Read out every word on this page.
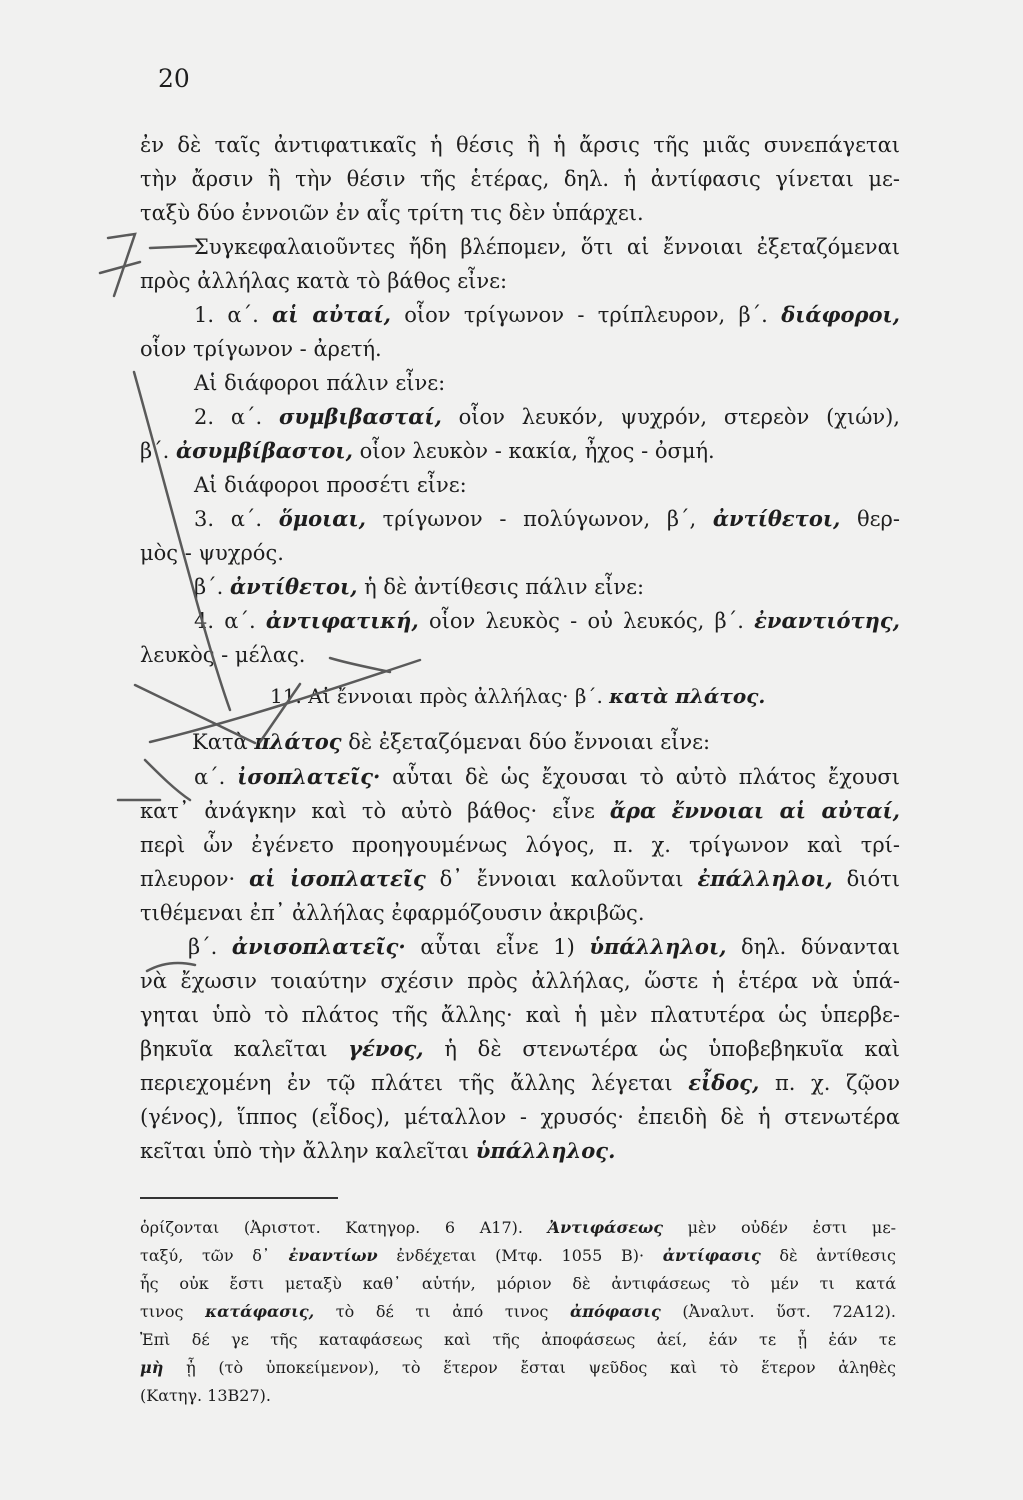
20
ἐν δὲ ταῖς ἀντιφατικαῖς ἡ θέσις ἢ ἡ ἄρσις τῆς μιᾶς συνεπάγεται
τὴν ἄρσιν ἢ τὴν θέσιν τῆς ἑτέρας, δηλ. ἡ ἀντίφασις γίνεται με-
ταξὺ δύο ἐννοιῶν ἐν αἷς τρίτη τις δὲν ὑπάρχει.
Συγκεφαλαιοῦντες ἤδη βλέπομεν, ὅτι αἱ ἔννοιαι ἐξεταζόμεναι
πρὸς ἀλλήλας κατὰ τὸ βάθος εἶνε:
1. α΄. αἱ αὐταί, οἷον τρίγωνον - τρίπλευρον, β΄. διάφοροι,
οἷον τρίγωνον - ἀρετή.
Αἱ διάφοροι πάλιν εἶνε:
2. α΄. συμβιβασταί, οἷον λευκόν, ψυχρόν, στερεὸν (χιών),
β΄. ἀσυμβίβαστοι, οἷον λευκὸν - κακία, ἦχος - ὀσμή.
Αἱ διάφοροι προσέτι εἶνε:
3. α΄. ὅμοιαι, τρίγωνον - πολύγωνον, β΄, ἀντίθετοι, θερ-
μὸς - ψυχρός.
β΄. ἀντίθετοι, ἡ δὲ ἀντίθεσις πάλιν εἶνε:
4. α΄. ἀντιφατική, οἷον λευκὸς - οὐ λευκός, β΄. ἐναντιότης,
λευκὸς - μέλας.
11. Αἱ ἔννοιαι πρὸς ἀλλήλας· β΄. κατὰ πλάτος.
Κατὰ πλάτος δὲ ἐξεταζόμεναι δύο ἔννοιαι εἶνε:
α΄. ἰσοπλατεῖς· αὗται δὲ ὡς ἔχουσαι τὸ αὐτὸ πλάτος ἔχουσι
κατ᾿ ἀνάγκην καὶ τὸ αὐτὸ βάθος· εἶνε ἄρα ἔννοιαι αἱ αὐταί,
περὶ ὧν ἐγένετο προηγουμένως λόγος, π. χ. τρίγωνον καὶ τρί-
πλευρον· αἱ ἰσοπλατεῖς δ᾿ ἔννοιαι καλοῦνται ἐπάλληλοι, διότι
τιθέμεναι ἐπ᾿ ἀλλήλας ἐφαρμόζουσιν ἀκριβῶς.
β΄. ἀνισοπλατεῖς· αὗται εἶνε 1) ὑπάλληλοι, δηλ. δύνανται
νὰ ἔχωσιν τοιαύτην σχέσιν πρὸς ἀλλήλας, ὥστε ἡ ἑτέρα νὰ ὑπά-
γηται ὑπὸ τὸ πλάτος τῆς ἄλλης· καὶ ἡ μὲν πλατυτέρα ὡς ὑπερβε-
βηκυῖα καλεῖται γένος, ἡ δὲ στενωτέρα ὡς ὑποβεβηκυῖα καὶ
περιεχομένη ἐν τῷ πλάτει τῆς ἄλλης λέγεται εἶδος, π. χ. ζῷον
(γένος), ἵππος (εἶδος), μέταλλον - χρυσός· ἐπειδὴ δὲ ἡ στενωτέρα
κεῖται ὑπὸ τὴν ἄλλην καλεῖται ὑπάλληλος.
ὁρίζονται (Ἀριστοτ. Κατηγορ. 6 Α17). Ἀντιφάσεως μὲν οὐδέν ἐστι με-
ταξύ, τῶν δ᾿ ἐναντίων ἐνδέχεται (Μτφ. 1055 Β)· ἀντίφασις δὲ ἀντίθεσις
ἧς οὐκ ἔστι μεταξὺ καθ᾿ αὑτήν, μόριον δὲ ἀντιφάσεως τὸ μέν τι κατά
τινος κατάφασις, τὸ δέ τι ἀπό τινος ἀπόφασις (Ἀναλυτ. ὕστ. 72Α12).
Ἐπὶ δέ γε τῆς καταφάσεως καὶ τῆς ἀποφάσεως ἀεί, ἐάν τε ᾖ ἐάν τε
μὴ ᾖ (τὸ ὑποκείμενον), τὸ ἕτερον ἔσται ψεῦδος καὶ τὸ ἕτερον ἀληθὲς
(Κατηγ. 13Β27).
